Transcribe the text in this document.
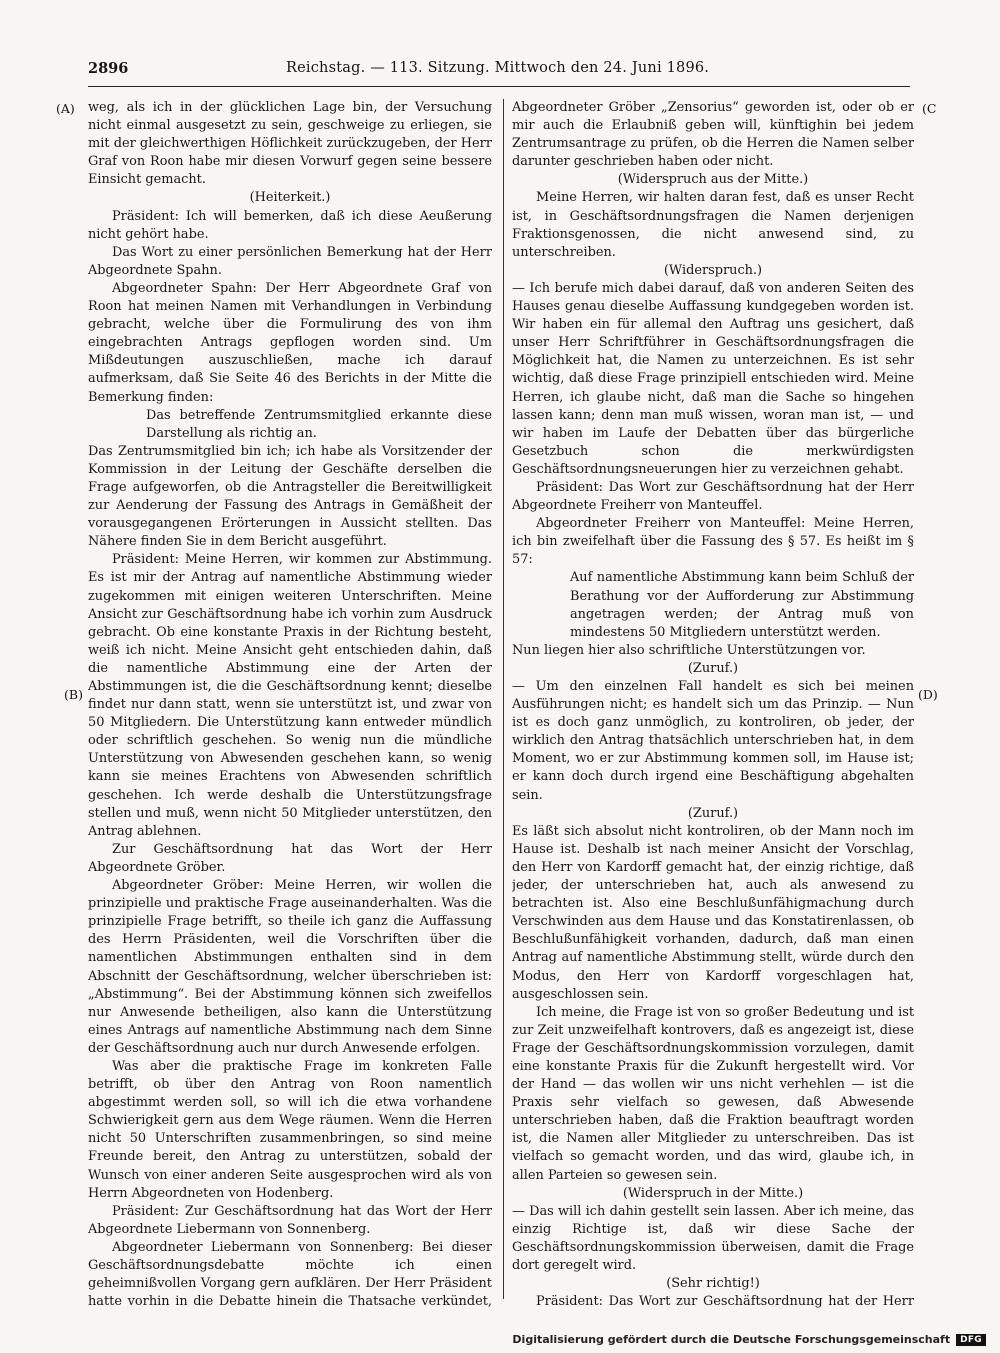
2896	Reichstag. — 113. Sitzung. Mittwoch den 24. Juni 1896.
(A)
(B)
(C
(D)

weg, als ich in der glücklichen Lage bin, der Versuchung nicht einmal ausgesetzt zu sein, geschweige zu erliegen, sie mit der gleichwerthigen Höflichkeit zurückzugeben, der Herr Graf von Roon habe mir diesen Vorwurf gegen seine bessere Einsicht gemacht.

(Heiterkeit.)

Präsident: Ich will bemerken, daß ich diese Aeußerung nicht gehört habe.

Das Wort zu einer persönlichen Bemerkung hat der Herr Abgeordnete Spahn.

Abgeordneter Spahn: Der Herr Abgeordnete Graf von Roon hat meinen Namen mit Verhandlungen in Verbindung gebracht, welche über die Formulirung des von ihm eingebrachten Antrags gepflogen worden sind. Um Mißdeutungen auszuschließen, mache ich darauf aufmerksam, daß Sie Seite 46 des Berichts in der Mitte die Bemerkung finden:

Das betreffende Zentrumsmitglied erkannte diese Darstellung als richtig an.

Das Zentrumsmitglied bin ich; ich habe als Vorsitzender der Kommission in der Leitung der Geschäfte derselben die Frage aufgeworfen, ob die Antragsteller die Bereitwilligkeit zur Aenderung der Fassung des Antrags in Gemäßheit der vorausgegangenen Erörterungen in Aussicht stellten. Das Nähere finden Sie in dem Bericht ausgeführt.

Präsident: Meine Herren, wir kommen zur Abstimmung. Es ist mir der Antrag auf namentliche Abstimmung wieder zugekommen mit einigen weiteren Unterschriften. Meine Ansicht zur Geschäftsordnung habe ich vorhin zum Ausdruck gebracht. Ob eine konstante Praxis in der Richtung besteht, weiß ich nicht. Meine Ansicht geht entschieden dahin, daß die namentliche Abstimmung eine der Arten der Abstimmungen ist, die die Geschäftsordnung kennt; dieselbe findet nur dann statt, wenn sie unterstützt ist, und zwar von 50 Mitgliedern. Die Unterstützung kann entweder mündlich oder schriftlich geschehen. So wenig nun die mündliche Unterstützung von Abwesenden geschehen kann, so wenig kann sie meines Erachtens von Abwesenden schriftlich geschehen. Ich werde deshalb die Unterstützungsfrage stellen und muß, wenn nicht 50 Mitglieder unterstützen, den Antrag ablehnen.

Zur Geschäftsordnung hat das Wort der Herr Abgeordnete Gröber.

Abgeordneter Gröber: Meine Herren, wir wollen die prinzipielle und praktische Frage auseinanderhalten. Was die prinzipielle Frage betrifft, so theile ich ganz die Auffassung des Herrn Präsidenten, weil die Vorschriften über die namentlichen Abstimmungen enthalten sind in dem Abschnitt der Geschäftsordnung, welcher überschrieben ist: „Abstimmung“. Bei der Abstimmung können sich zweifellos nur Anwesende betheiligen, also kann die Unterstützung eines Antrags auf namentliche Abstimmung nach dem Sinne der Geschäftsordnung auch nur durch Anwesende erfolgen.

Was aber die praktische Frage im konkreten Falle betrifft, ob über den Antrag von Roon namentlich abgestimmt werden soll, so will ich die etwa vorhandene Schwierigkeit gern aus dem Wege räumen. Wenn die Herren nicht 50 Unterschriften zusammenbringen, so sind meine Freunde bereit, den Antrag zu unterstützen, sobald der Wunsch von einer anderen Seite ausgesprochen wird als von Herrn Abgeordneten von Hodenberg.

Präsident: Zur Geschäftsordnung hat das Wort der Herr Abgeordnete Liebermann von Sonnenberg.

Abgeordneter Liebermann von Sonnenberg: Bei dieser Geschäftsordnungsdebatte möchte ich einen geheimnißvollen Vorgang gern aufklären. Der Herr Präsident hatte vorhin in die Debatte hinein die Thatsache verkündet,

Abgeordneter Gröber „Zensorius“ geworden ist, oder ob er mir auch die Erlaubniß geben will, künftighin bei jedem Zentrumsantrage zu prüfen, ob die Herren die Namen selber darunter geschrieben haben oder nicht.

(Widerspruch aus der Mitte.)

Meine Herren, wir halten daran fest, daß es unser Recht ist, in Geschäftsordnungsfragen die Namen derjenigen Fraktionsgenossen, die nicht anwesend sind, zu unterschreiben.

(Widerspruch.)

— Ich berufe mich dabei darauf, daß von anderen Seiten des Hauses genau dieselbe Auffassung kundgegeben worden ist. Wir haben ein für allemal den Auftrag uns gesichert, daß unser Herr Schriftführer in Geschäftsordnungsfragen die Möglichkeit hat, die Namen zu unterzeichnen. Es ist sehr wichtig, daß diese Frage prinzipiell entschieden wird. Meine Herren, ich glaube nicht, daß man die Sache so hingehen lassen kann; denn man muß wissen, woran man ist, — und wir haben im Laufe der Debatten über das bürgerliche Gesetzbuch schon die merkwürdigsten Geschäftsordnungsneuerungen hier zu verzeichnen gehabt.

Präsident: Das Wort zur Geschäftsordnung hat der Herr Abgeordnete Freiherr von Manteuffel.

Abgeordneter Freiherr von Manteuffel: Meine Herren, ich bin zweifelhaft über die Fassung des § 57. Es heißt im § 57:

Auf namentliche Abstimmung kann beim Schluß der Berathung vor der Aufforderung zur Abstimmung angetragen werden; der Antrag muß von mindestens 50 Mitgliedern unterstützt werden.

Nun liegen hier also schriftliche Unterstützungen vor.

(Zuruf.)

— Um den einzelnen Fall handelt es sich bei meinen Ausführungen nicht; es handelt sich um das Prinzip. — Nun ist es doch ganz unmöglich, zu kontroliren, ob jeder, der wirklich den Antrag thatsächlich unterschrieben hat, in dem Moment, wo er zur Abstimmung kommen soll, im Hause ist; er kann doch durch irgend eine Beschäftigung abgehalten sein.

(Zuruf.)

Es läßt sich absolut nicht kontroliren, ob der Mann noch im Hause ist. Deshalb ist nach meiner Ansicht der Vorschlag, den Herr von Kardorff gemacht hat, der einzig richtige, daß jeder, der unterschrieben hat, auch als anwesend zu betrachten ist. Also eine Beschlußunfähigmachung durch Verschwinden aus dem Hause und das Konstatirenlassen, ob Beschlußunfähigkeit vorhanden, dadurch, daß man einen Antrag auf namentliche Abstimmung stellt, würde durch den Modus, den Herr von Kardorff vorgeschlagen hat, ausgeschlossen sein.

Ich meine, die Frage ist von so großer Bedeutung und ist zur Zeit unzweifelhaft kontrovers, daß es angezeigt ist, diese Frage der Geschäftsordnungskommission vorzulegen, damit eine konstante Praxis für die Zukunft hergestellt wird. Vor der Hand — das wollen wir uns nicht verhehlen — ist die Praxis sehr vielfach so gewesen, daß Abwesende unterschrieben haben, daß die Fraktion beauftragt worden ist, die Namen aller Mitglieder zu unterschreiben. Das ist vielfach so gemacht worden, und das wird, glaube ich, in allen Parteien so gewesen sein.

(Widerspruch in der Mitte.)

— Das will ich dahin gestellt sein lassen. Aber ich meine, das einzig Richtige ist, daß wir diese Sache der Geschäftsordnungskommission überweisen, damit die Frage dort geregelt wird.

(Sehr richtig!)

Präsident: Das Wort zur Geschäftsordnung hat der Herr

Digitalisierung gefördert durch die Deutsche Forschungsgemeinschaft	DFG
